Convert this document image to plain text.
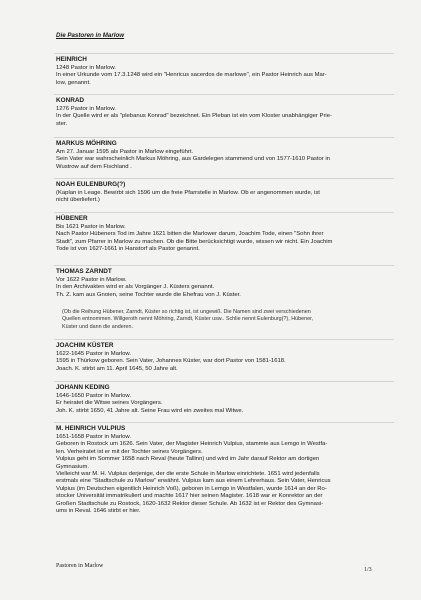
Die Pastoren in Marlow
HEINRICH

1248 Pastor in Marlow.

In einer Urkunde vom 17.3.1248 wird ein "Henricus sacerdos de marlowe", ein Pastor Heinrich aus Mar-

low, genannt.

KONRAD

1276 Pastor in Marlow.

In der Quelle wird er als "plebanus Konrad" bezeichnet. Ein Pleban ist ein vom Kloster unabhängiger Prie-

ster.

MARKUS MÖHRING

Am 27. Januar 1595 als Pastor in Marlow eingeführt.

Sein Vater war wahrscheinlich Markus Möhring, aus Gardelegen stammend und von 1577-1610 Pastor in

Wustrow auf dem Fischland .

NOAH EULENBURG(?)

(Kaplan in Leage. Bewirbt sich 1596 um die freie Pfarrstelle in Marlow. Ob er angenommen wurde, ist

nicht überliefert.)

HÜBENER

Bis 1621 Pastor in Marlow.

Nach Pastor Hübeners Tod im Jahre 1621 bitten die Marlower darum, Joachim Tode, einen "Sohn ihrer

Stadt", zum Pfarrer in Marlow zu machen. Ob die Bitte berücksichtigt wurde, wissen wir nicht. Ein Joachim

Tode ist von 1627-1661 in Hanstorf als Pastor genannt.

THOMAS ZARNDT

Vor 1622 Pastor in Marlow.

In den Archivakten wird er als Vorgänger J. Küsters genannt.

Th. Z. kam aus Gnoien, seine Tochter wurde die Ehefrau von J. Küster.

(Ob die Reihung Hübener, Zarndt, Küster so richtig ist, ist ungewiß. Die Namen sind zwei verschiedenen
Quellen entnommen. Willgeroth nennt Möhring, Zarndt, Küster usw.. Schlie nennt Eulenburg(?), Hübener,
Küster und dann die anderen.
JOACHIM KÜSTER

1622-1645 Pastor in Marlow.

1595 in Thürkow geboren. Sein Vater, Johannes Küster, war dort Pastor von 1581-1618.

Joach. K. stirbt am 11. April 1645, 50 Jahre alt.

JOHANN KEDING

1646-1650 Pastor in Marlow.

Er heiratet die Witwe seines Vorgängers.

Joh. K. stirbt 1650, 41 Jahre alt. Seine Frau wird ein zweites mal Witwe.

M. HEINRICH VULPIUS

1651-1658 Pastor in Marlow.

Geboren in Rostock um 1626. Sein Vater, der Magister Heinrich Vulpius, stammte aus Lemgo in Westfa-

len. Verheiratet ist er mit der Tochter seines Vorgängers.

Vulpius geht im Sommer 1658 nach Reval (heute Tallinn) und wird im Jahr darauf Rektor am dortigen

Gymnasium.

Vielleicht war M. H. Vulpius derjenige, der die erste Schule in Marlow einrichtete. 1651 wird jedenfalls

erstmals eine "Stadtschule zu Marlow" erwähnt. Vulpius kam aus einem Lehrerhaus. Sein Vater, Henricus

Vulpius (im Deutschen eigentlich Heinrich Voß), geboren in Lemgo in Westfalen, wurde 1614 an der Ro-

stocker Universität immatrikuliert und machte 1617 hier seinen Magister. 1618 war er Konrektor an der

Großen Stadtschule zu Rostock, 1620-1632 Rektor dieser Schule. Ab 1632 ist er Rektor des Gymnasi-

ums in Reval. 1646 stirbt er hier.

Pastoren in Marlow
1/3
